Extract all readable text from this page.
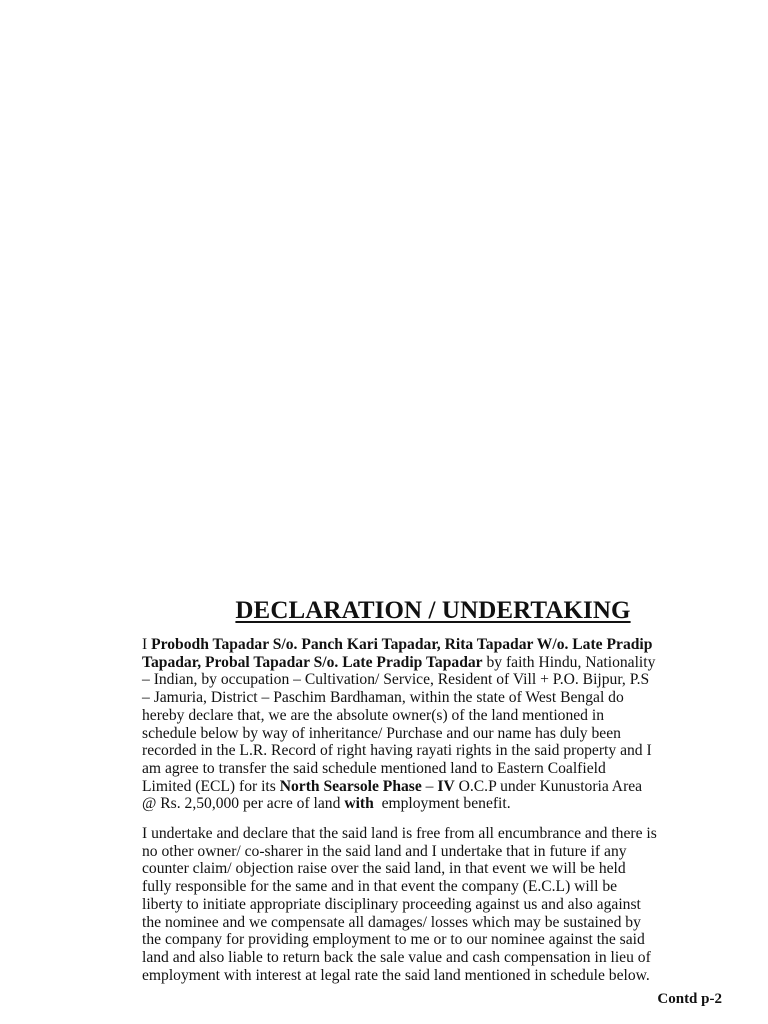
DECLARATION / UNDERTAKING

I Probodh Tapadar S/o. Panch Kari Tapadar, Rita Tapadar W/o. Late Pradip
Tapadar, Probal Tapadar S/o. Late Pradip Tapadar by faith Hindu, Nationality
– Indian, by occupation – Cultivation/ Service, Resident of Vill + P.O. Bijpur, P.S
– Jamuria, District – Paschim Bardhaman, within the state of West Bengal do
hereby declare that, we are the absolute owner(s) of the land mentioned in
schedule below by way of inheritance/ Purchase and our name has duly been
recorded in the L.R. Record of right having rayati rights in the said property and I
am agree to transfer the said schedule mentioned land to Eastern Coalfield
Limited (ECL) for its North Searsole Phase – IV O.C.P under Kunustoria Area
@ Rs. 2,50,000 per acre of land with  employment benefit.

I undertake and declare that the said land is free from all encumbrance and there is
no other owner/ co-sharer in the said land and I undertake that in future if any
counter claim/ objection raise over the said land, in that event we will be held
fully responsible for the same and in that event the company (E.C.L) will be
liberty to initiate appropriate disciplinary proceeding against us and also against
the nominee and we compensate all damages/ losses which may be sustained by
the company for providing employment to me or to our nominee against the said
land and also liable to return back the sale value and cash compensation in lieu of
employment with interest at legal rate the said land mentioned in schedule below.

Contd p-2
